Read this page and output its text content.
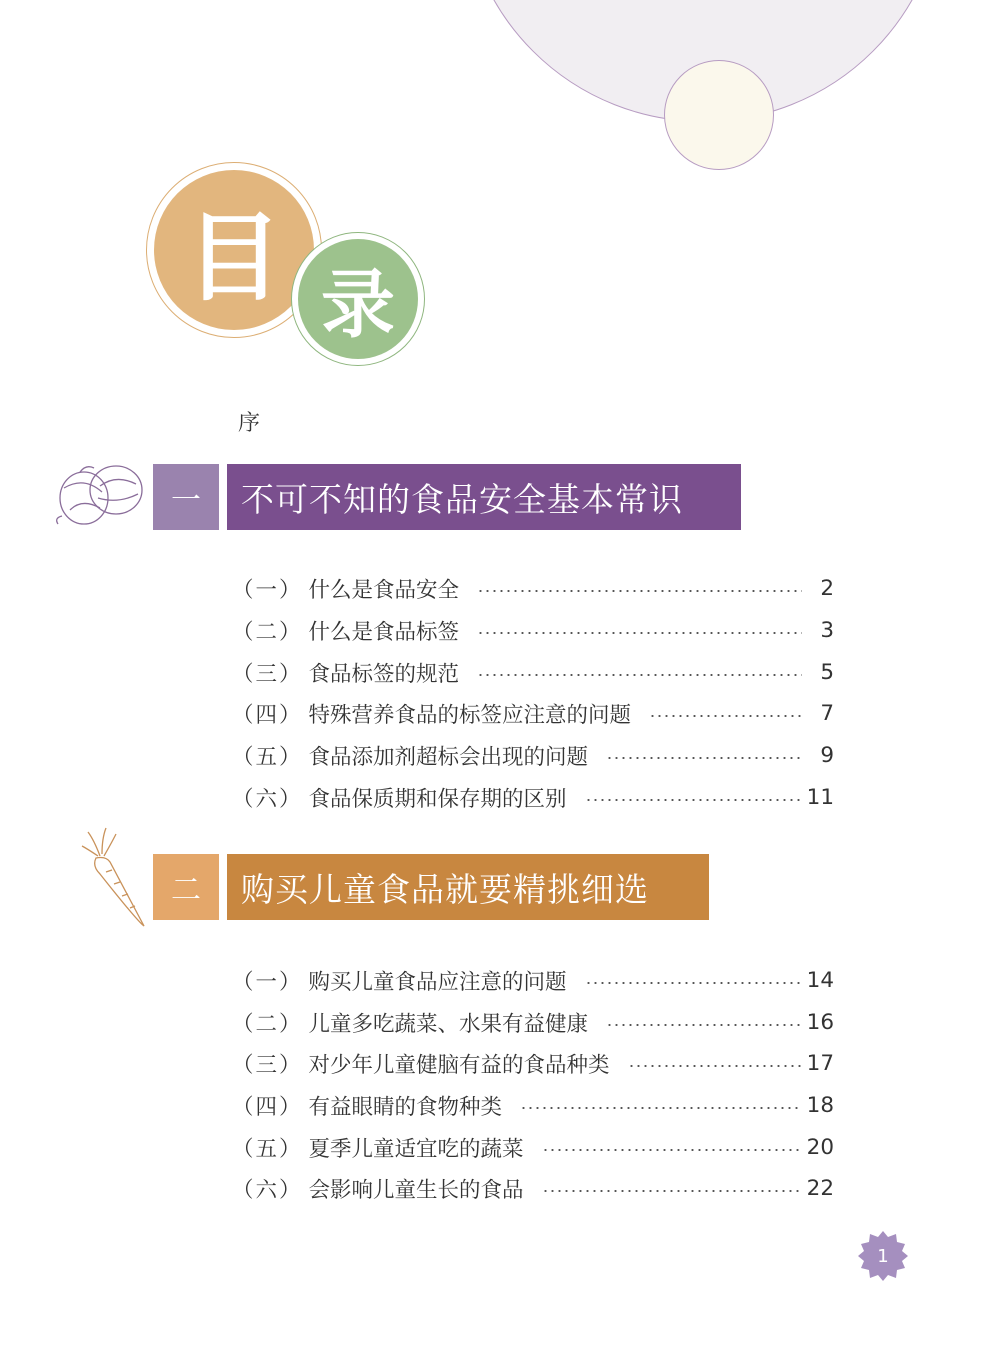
目 录
序
一	不可不知的食品安全基本常识
（一） 什么是食品安全	2
（二） 什么是食品标签	3
（三） 食品标签的规范	5
（四） 特殊营养食品的标签应注意的问题	7
（五） 食品添加剂超标会出现的问题	9
（六） 食品保质期和保存期的区别	11
二	购买儿童食品就要精挑细选
（一） 购买儿童食品应注意的问题	14
（二） 儿童多吃蔬菜、水果有益健康	16
（三） 对少年儿童健脑有益的食品种类	17
（四） 有益眼睛的食物种类	18
（五） 夏季儿童适宜吃的蔬菜	20
（六） 会影响儿童生长的食品	22
1
